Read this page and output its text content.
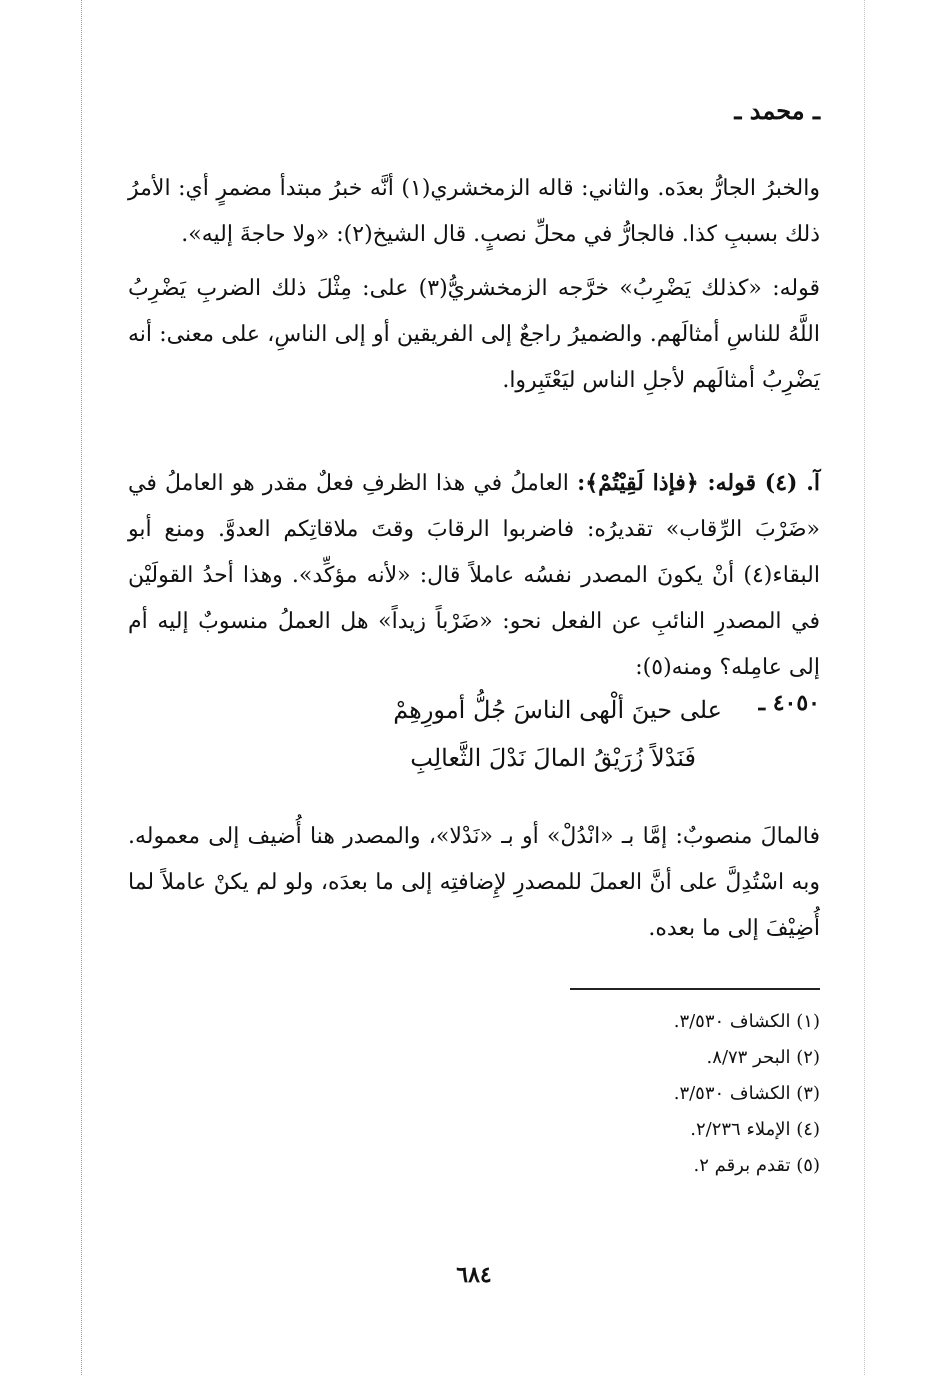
ـ محمد ـ

والخبرُ الجارُّ بعدَه. والثاني: قاله الزمخشري(١) أنَّه خبرُ مبتدأ مضمرٍ أي: الأمرُ ذلك بسببِ كذا. فالجارُّ في محلِّ نصبٍ. قال الشيخ(٢): «ولا حاجةَ إليه».

قوله: «كذلك يَضْرِبُ» خرَّجه الزمخشريُّ(٣) على: مِثْلَ ذلك الضربِ يَضْرِبُ اللَّهُ للناسِ أمثالَهم. والضميرُ راجعٌ إلى الفريقين أو إلى الناسِ، على معنى: أنه يَضْرِبُ أمثالَهم لأجلِ الناس ليَعْتَبِروا.

آ. (٤) قوله: ﴿فإذا لَقِيْتُمْ﴾: العاملُ في هذا الظرفِ فعلٌ مقدر هو العاملُ في «ضَرْبَ الرِّقاب» تقديرُه: فاضربوا الرقابَ وقتَ ملاقاتِكم العدوَّ. ومنع أبو البقاء(٤) أنْ يكونَ المصدر نفسُه عاملاً قال: «لأنه مؤكِّد». وهذا أحدُ القولَيْن في المصدرِ النائبِ عن الفعل نحو: «ضَرْباً زيداً» هل العملُ منسوبٌ إليه أم إلى عامِله؟ ومنه(٥):

٤٠٥٠ ـ
على حينَ ألْهى الناسَ جُلُّ أمورِهِمْ
فَنَدْلاً زُرَيْقُ المالَ نَدْلَ الثَّعالِبِ

فالمالَ منصوبٌ: إمَّا بـ «انْدُلْ» أو بـ «نَدْلا»، والمصدر هنا أُضيف إلى معموله. وبه اسْتُدِلَّ على أنَّ العملَ للمصدرِ لإِضافتِه إلى ما بعدَه، ولو لم يكنْ عاملاً لما أُضِيْفَ إلى ما بعده.

(١) الكشاف ٣/٥٣٠.
(٢) البحر ٨/٧٣.
(٣) الكشاف ٣/٥٣٠.
(٤) الإملاء ٢/٢٣٦.
(٥) تقدم برقم ٢.
٦٨٤
